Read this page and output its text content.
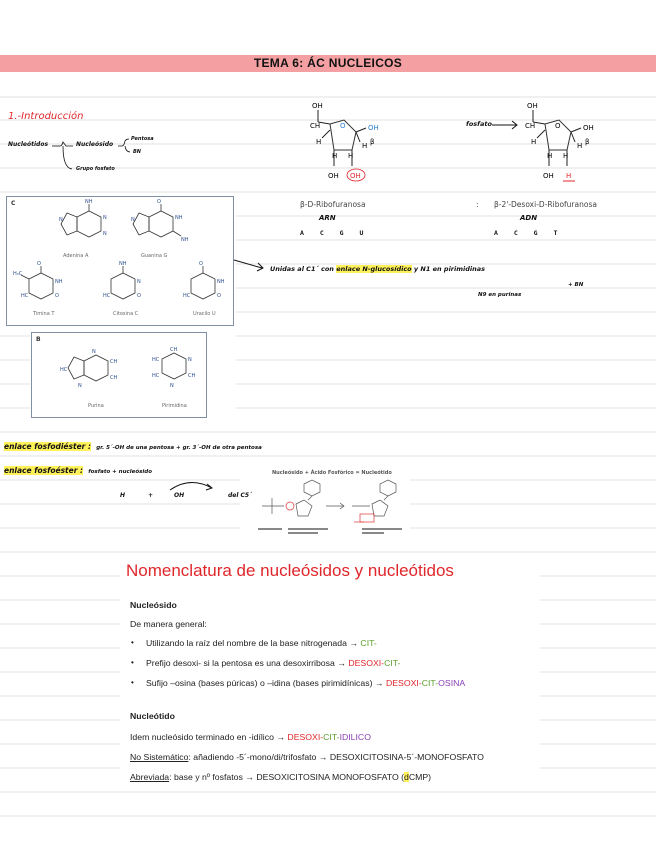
TEMA 6: ÁC NUCLEICOS
1.-Introducción
Nucleótidos	Nucleósido
Pentosa
BN
Grupo fosfato
OH
CH	O	OH
H	H β
H H
OH OH
OH
CH	O	OH
H	H β
H H
OH H
fosfato
β-D-Ribofuranosa	: β-2'-Desoxi-D-Ribofuranosa
ARN	ADN
A C G U	A C G T
C	NH
N	N
N
O
N	NH
NH
O
NH
H₃C
HC	O
NH
N
HC	O
O
NH
HC	O
Adenina A	Guanina G
Timina T	Citosina C	Uracilo U
B
N
CH
CH
HC
N
CH
N
CH
HC
HC
N
Purina	Pirimidina
Unidas al C1´ con enlace N-glucosídico y N1 en pirimidinas
N9 en purinas
+ BN
enlace fosfodiéster : gr. 5´-OH de una pentosa + gr. 3´-OH de otra pentosa
enlace fosfoéster : fosfato + nucleósido
H	+	OH	del C5´
Nucleósido + Ácido Fosfórico = Nucleótido
Nomenclatura de nucleósidos y nucleótidos
Nucleósido
De manera general:
• Utilizando la raíz del nombre de la base nitrogenada → CIT-
• Prefijo desoxi- si la pentosa es una desoxirribosa → DESOXI-CIT-
• Sufijo –osina (bases púricas) o –idina (bases pirimidínicas) → DESOXI-CIT-OSINA
Nucleótido
Idem nucleósido terminado en -idílico → DESOXI-CIT-IDILICO
No Sistemático: añadiendo -5´-mono/di/trifosfato → DESOXICITOSINA-5´-MONOFOSFATO
Abreviada: base y nº fosfatos → DESOXICITOSINA MONOFOSFATO (dCMP)
